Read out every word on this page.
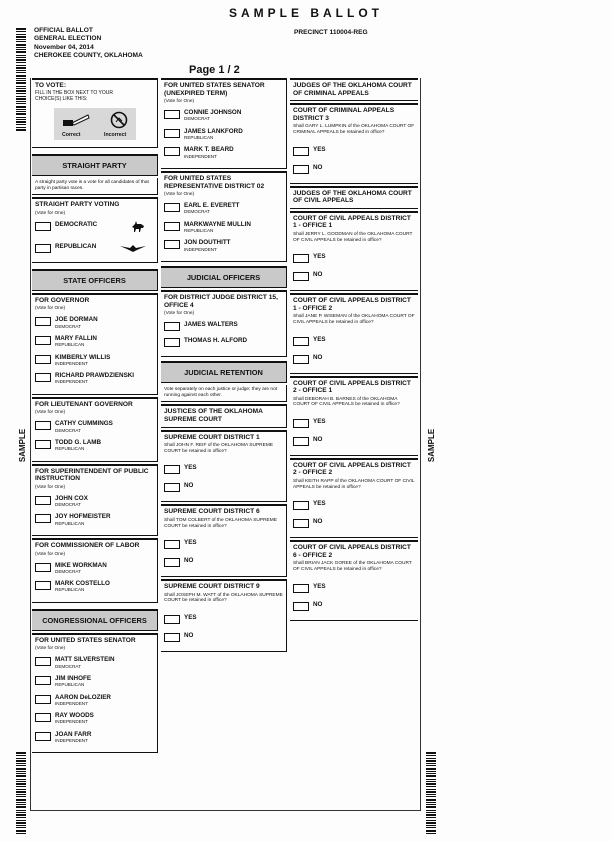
SAMPLE BALLOT
OFFICIAL BALLOT
GENERAL ELECTION
November 04, 2014
CHEROKEE COUNTY, OKLAHOMA
PRECINCT 110004-REG
Page 1 / 2
SAMPLE	SAMPLE
TO VOTE:
FILL IN THE BOX NEXT TO YOUR CHOICE(S) LIKE THIS:
Correct	Incorrect
STRAIGHT PARTY
A straight party vote is a vote for all candidates of that party in partisan races.
STRAIGHT PARTY VOTING
(Vote for One)
DEMOCRATIC
REPUBLICAN
STATE OFFICERS
FOR GOVERNOR
(Vote for One)
JOE DORMAN
DEMOCRAT
MARY FALLIN
REPUBLICAN
KIMBERLY WILLIS
INDEPENDENT
RICHARD PRAWDZIENSKI
INDEPENDENT
FOR LIEUTENANT GOVERNOR
(Vote for One)
CATHY CUMMINGS
DEMOCRAT
TODD G. LAMB
REPUBLICAN
FOR SUPERINTENDENT OF PUBLIC INSTRUCTION
(Vote for One)
JOHN COX
DEMOCRAT
JOY HOFMEISTER
REPUBLICAN
FOR COMMISSIONER OF LABOR
(Vote for One)
MIKE WORKMAN
DEMOCRAT
MARK COSTELLO
REPUBLICAN
CONGRESSIONAL OFFICERS
FOR UNITED STATES SENATOR
(Vote for One)
MATT SILVERSTEIN
DEMOCRAT
JIM INHOFE
REPUBLICAN
AARON DeLOZIER
INDEPENDENT
RAY WOODS
INDEPENDENT
JOAN FARR
INDEPENDENT
FOR UNITED STATES SENATOR (UNEXPIRED TERM)
(Vote for One)
CONNIE JOHNSON
DEMOCRAT
JAMES LANKFORD
REPUBLICAN
MARK T. BEARD
INDEPENDENT
FOR UNITED STATES REPRESENTATIVE DISTRICT 02
(Vote for One)
EARL E. EVERETT
DEMOCRAT
MARKWAYNE MULLIN
REPUBLICAN
JON DOUTHITT
INDEPENDENT
JUDICIAL OFFICERS
FOR DISTRICT JUDGE DISTRICT 15, OFFICE 4
(Vote for One)
JAMES WALTERS
THOMAS H. ALFORD
JUDICIAL RETENTION
Vote separately on each justice or judge; they are not running against each other.
JUSTICES OF THE OKLAHOMA SUPREME COURT
SUPREME COURT DISTRICT 1
Shall JOHN F. REIF of the OKLAHOMA SUPREME COURT be retained in office?
YES
NO
SUPREME COURT DISTRICT 6
Shall TOM COLBERT of the OKLAHOMA SUPREME COURT be retained in office?
YES
NO
SUPREME COURT DISTRICT 9
Shall JOSEPH M. WATT of the OKLAHOMA SUPREME COURT be retained in office?
YES
NO
JUDGES OF THE OKLAHOMA COURT OF CRIMINAL APPEALS
COURT OF CRIMINAL APPEALS DISTRICT 3
Shall GARY L. LUMPKIN of the OKLAHOMA COURT OF CRIMINAL APPEALS be retained in office?
YES
NO
JUDGES OF THE OKLAHOMA COURT OF CIVIL APPEALS
COURT OF CIVIL APPEALS DISTRICT 1 - OFFICE 1
Shall JERRY L. GOODMAN of the OKLAHOMA COURT OF CIVIL APPEALS be retained in office?
YES
NO
COURT OF CIVIL APPEALS DISTRICT 1 - OFFICE 2
Shall JANE P. WISEMAN of the OKLAHOMA COURT OF CIVIL APPEALS be retained in office?
YES
NO
COURT OF CIVIL APPEALS DISTRICT 2 - OFFICE 1
Shall DEBORAH B. BARNES of the OKLAHOMA COURT OF CIVIL APPEALS be retained in office?
YES
NO
COURT OF CIVIL APPEALS DISTRICT 2 - OFFICE 2
Shall KEITH RAPP of the OKLAHOMA COURT OF CIVIL APPEALS be retained in office?
YES
NO
COURT OF CIVIL APPEALS DISTRICT 6 - OFFICE 2
Shall BRIAN JACK GOREE of the OKLAHOMA COURT OF CIVIL APPEALS be retained in office?
YES
NO
